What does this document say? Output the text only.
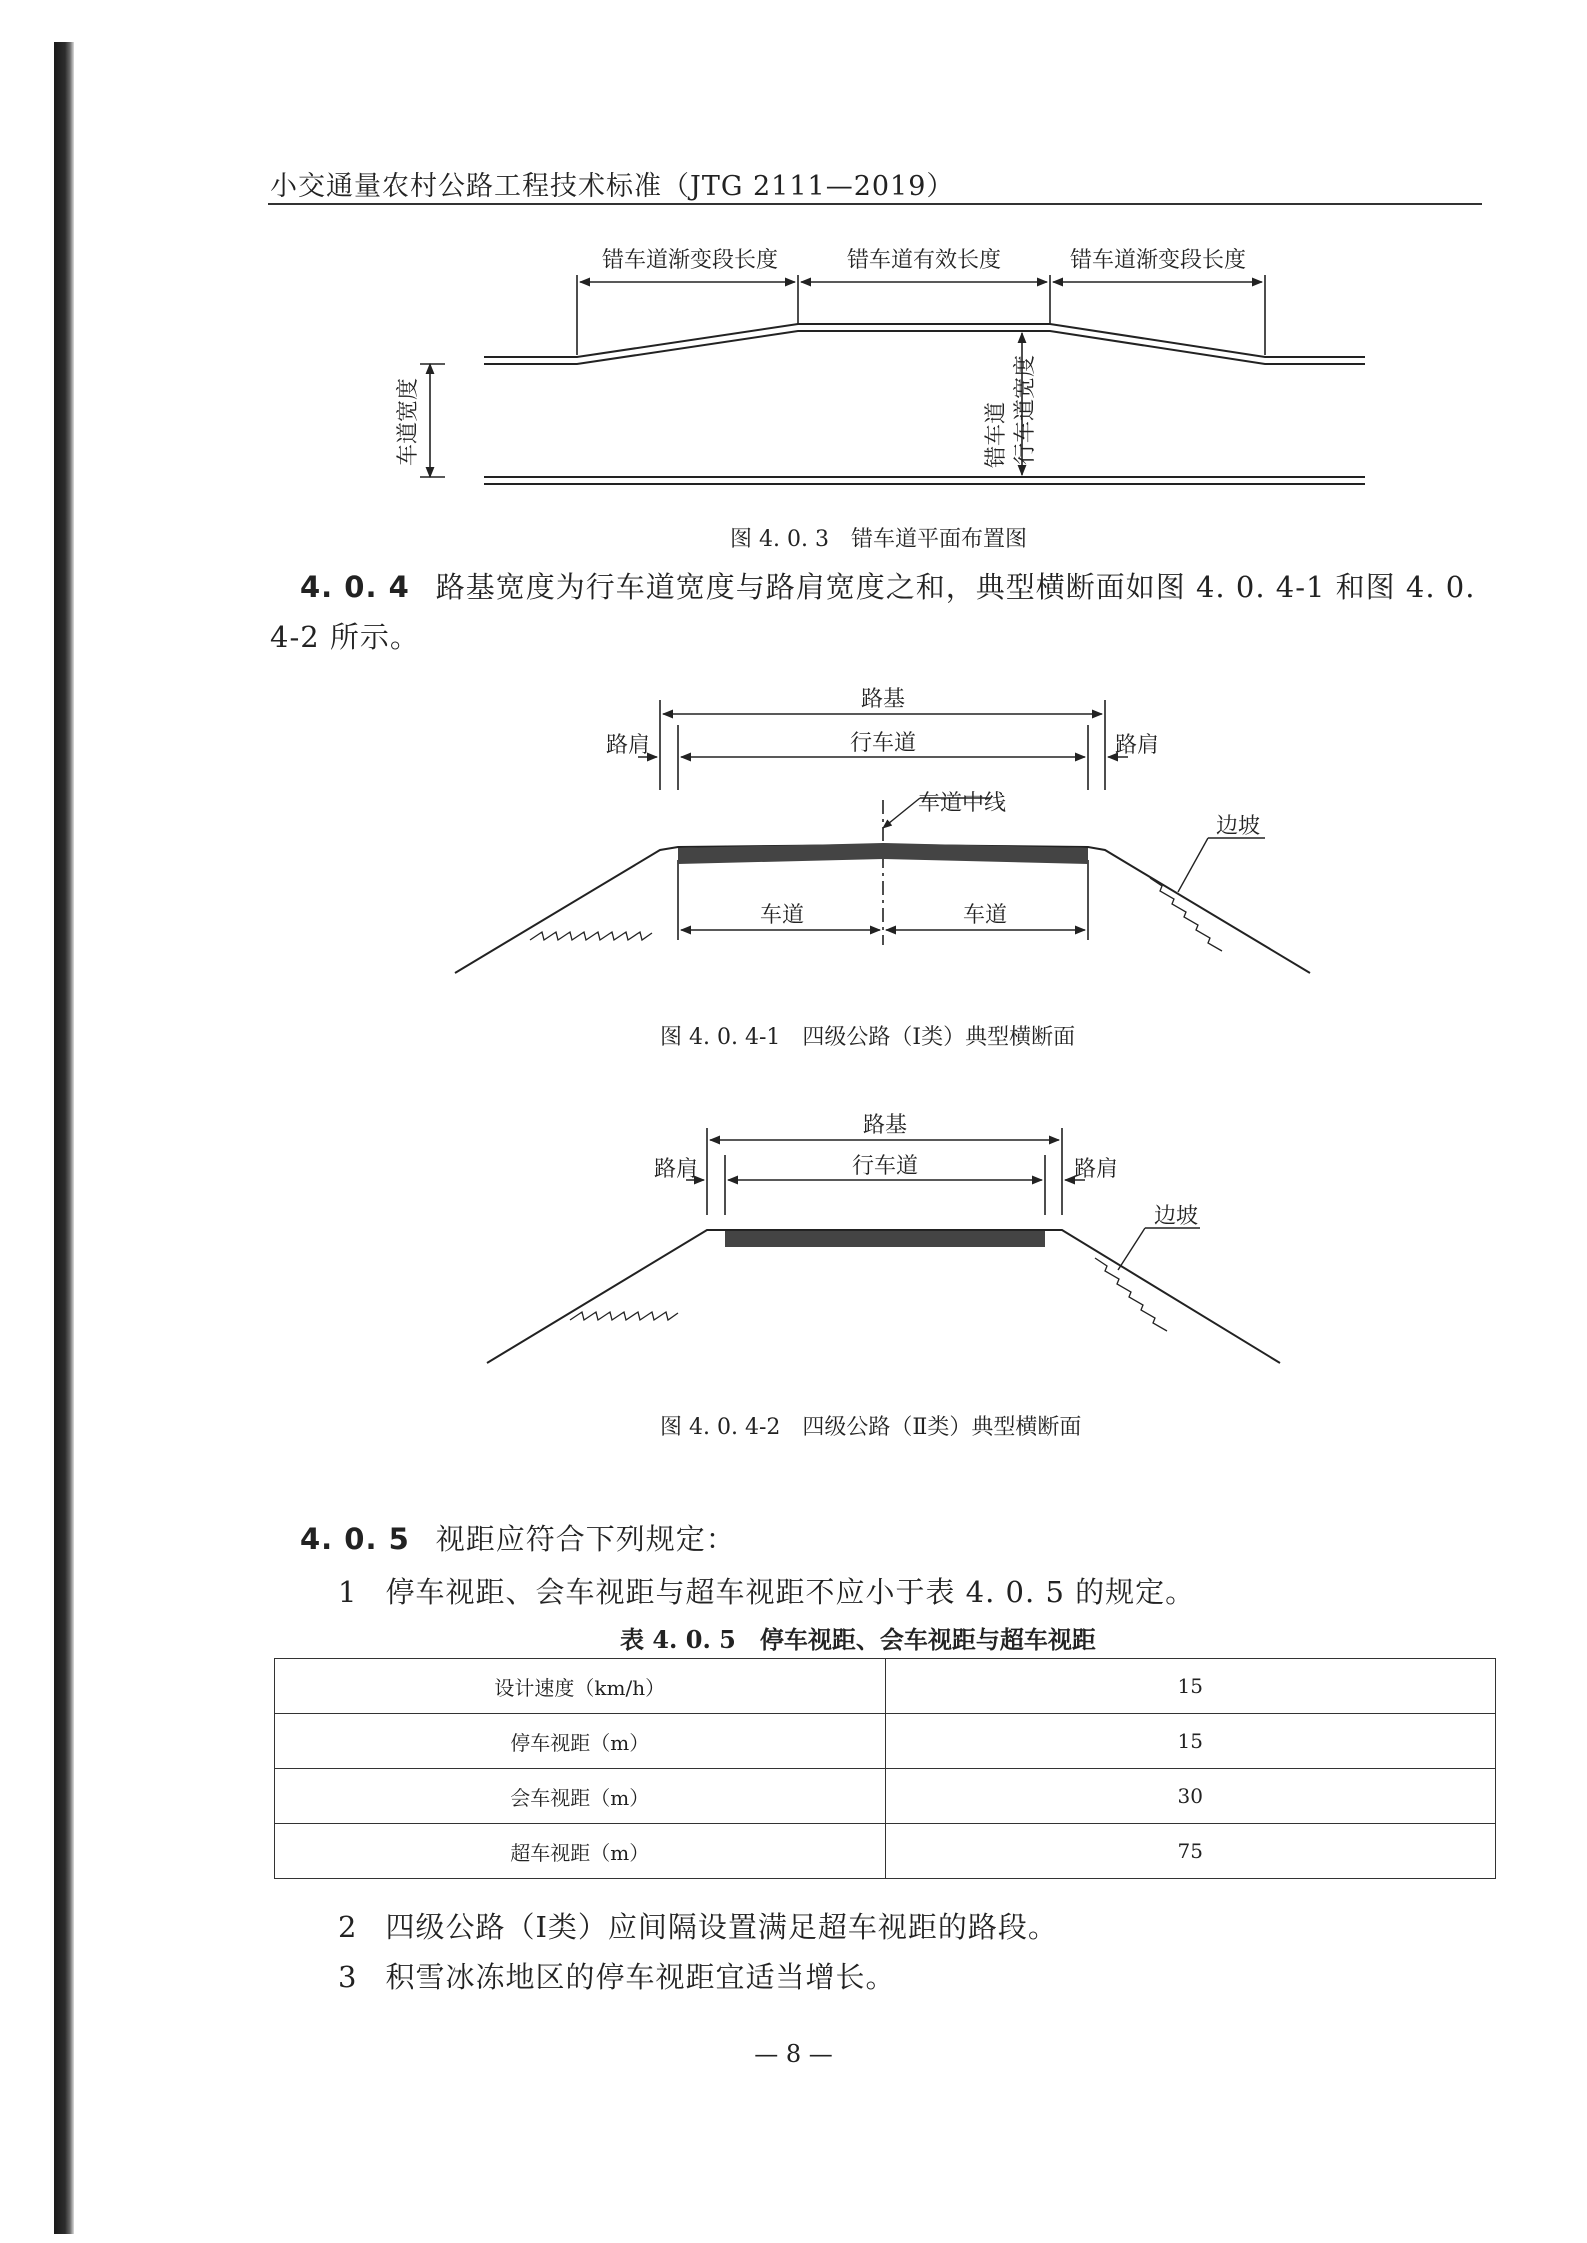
小交通量农村公路工程技术标准（JTG 2111—2019）
错车道渐变段长度	错车道有效长度	错车道渐变段长度
车道宽度	错车道 行车道宽度
图 4. 0. 3　错车道平面布置图
4. 0. 4 路基宽度为行车道宽度与路肩宽度之和，典型横断面如图 4. 0. 4-1 和图 4. 0. 4-2 所示。
路基
路肩	行车道	路肩
车道中线
边坡
车道	车道
图 4. 0. 4-1　四级公路（Ⅰ类）典型横断面
路基
路肩	行车道	路肩
边坡
图 4. 0. 4-2　四级公路（Ⅱ类）典型横断面
4. 0. 5 视距应符合下列规定：
1 停车视距、会车视距与超车视距不应小于表 4. 0. 5 的规定。
表 4. 0. 5　停车视距、会车视距与超车视距
设计速度（km/h）	15
停车视距（m）	15
会车视距（m）	30
超车视距（m）	75
2 四级公路（Ⅰ类）应间隔设置满足超车视距的路段。
3 积雪冰冻地区的停车视距宜适当增长。
— 8 —
